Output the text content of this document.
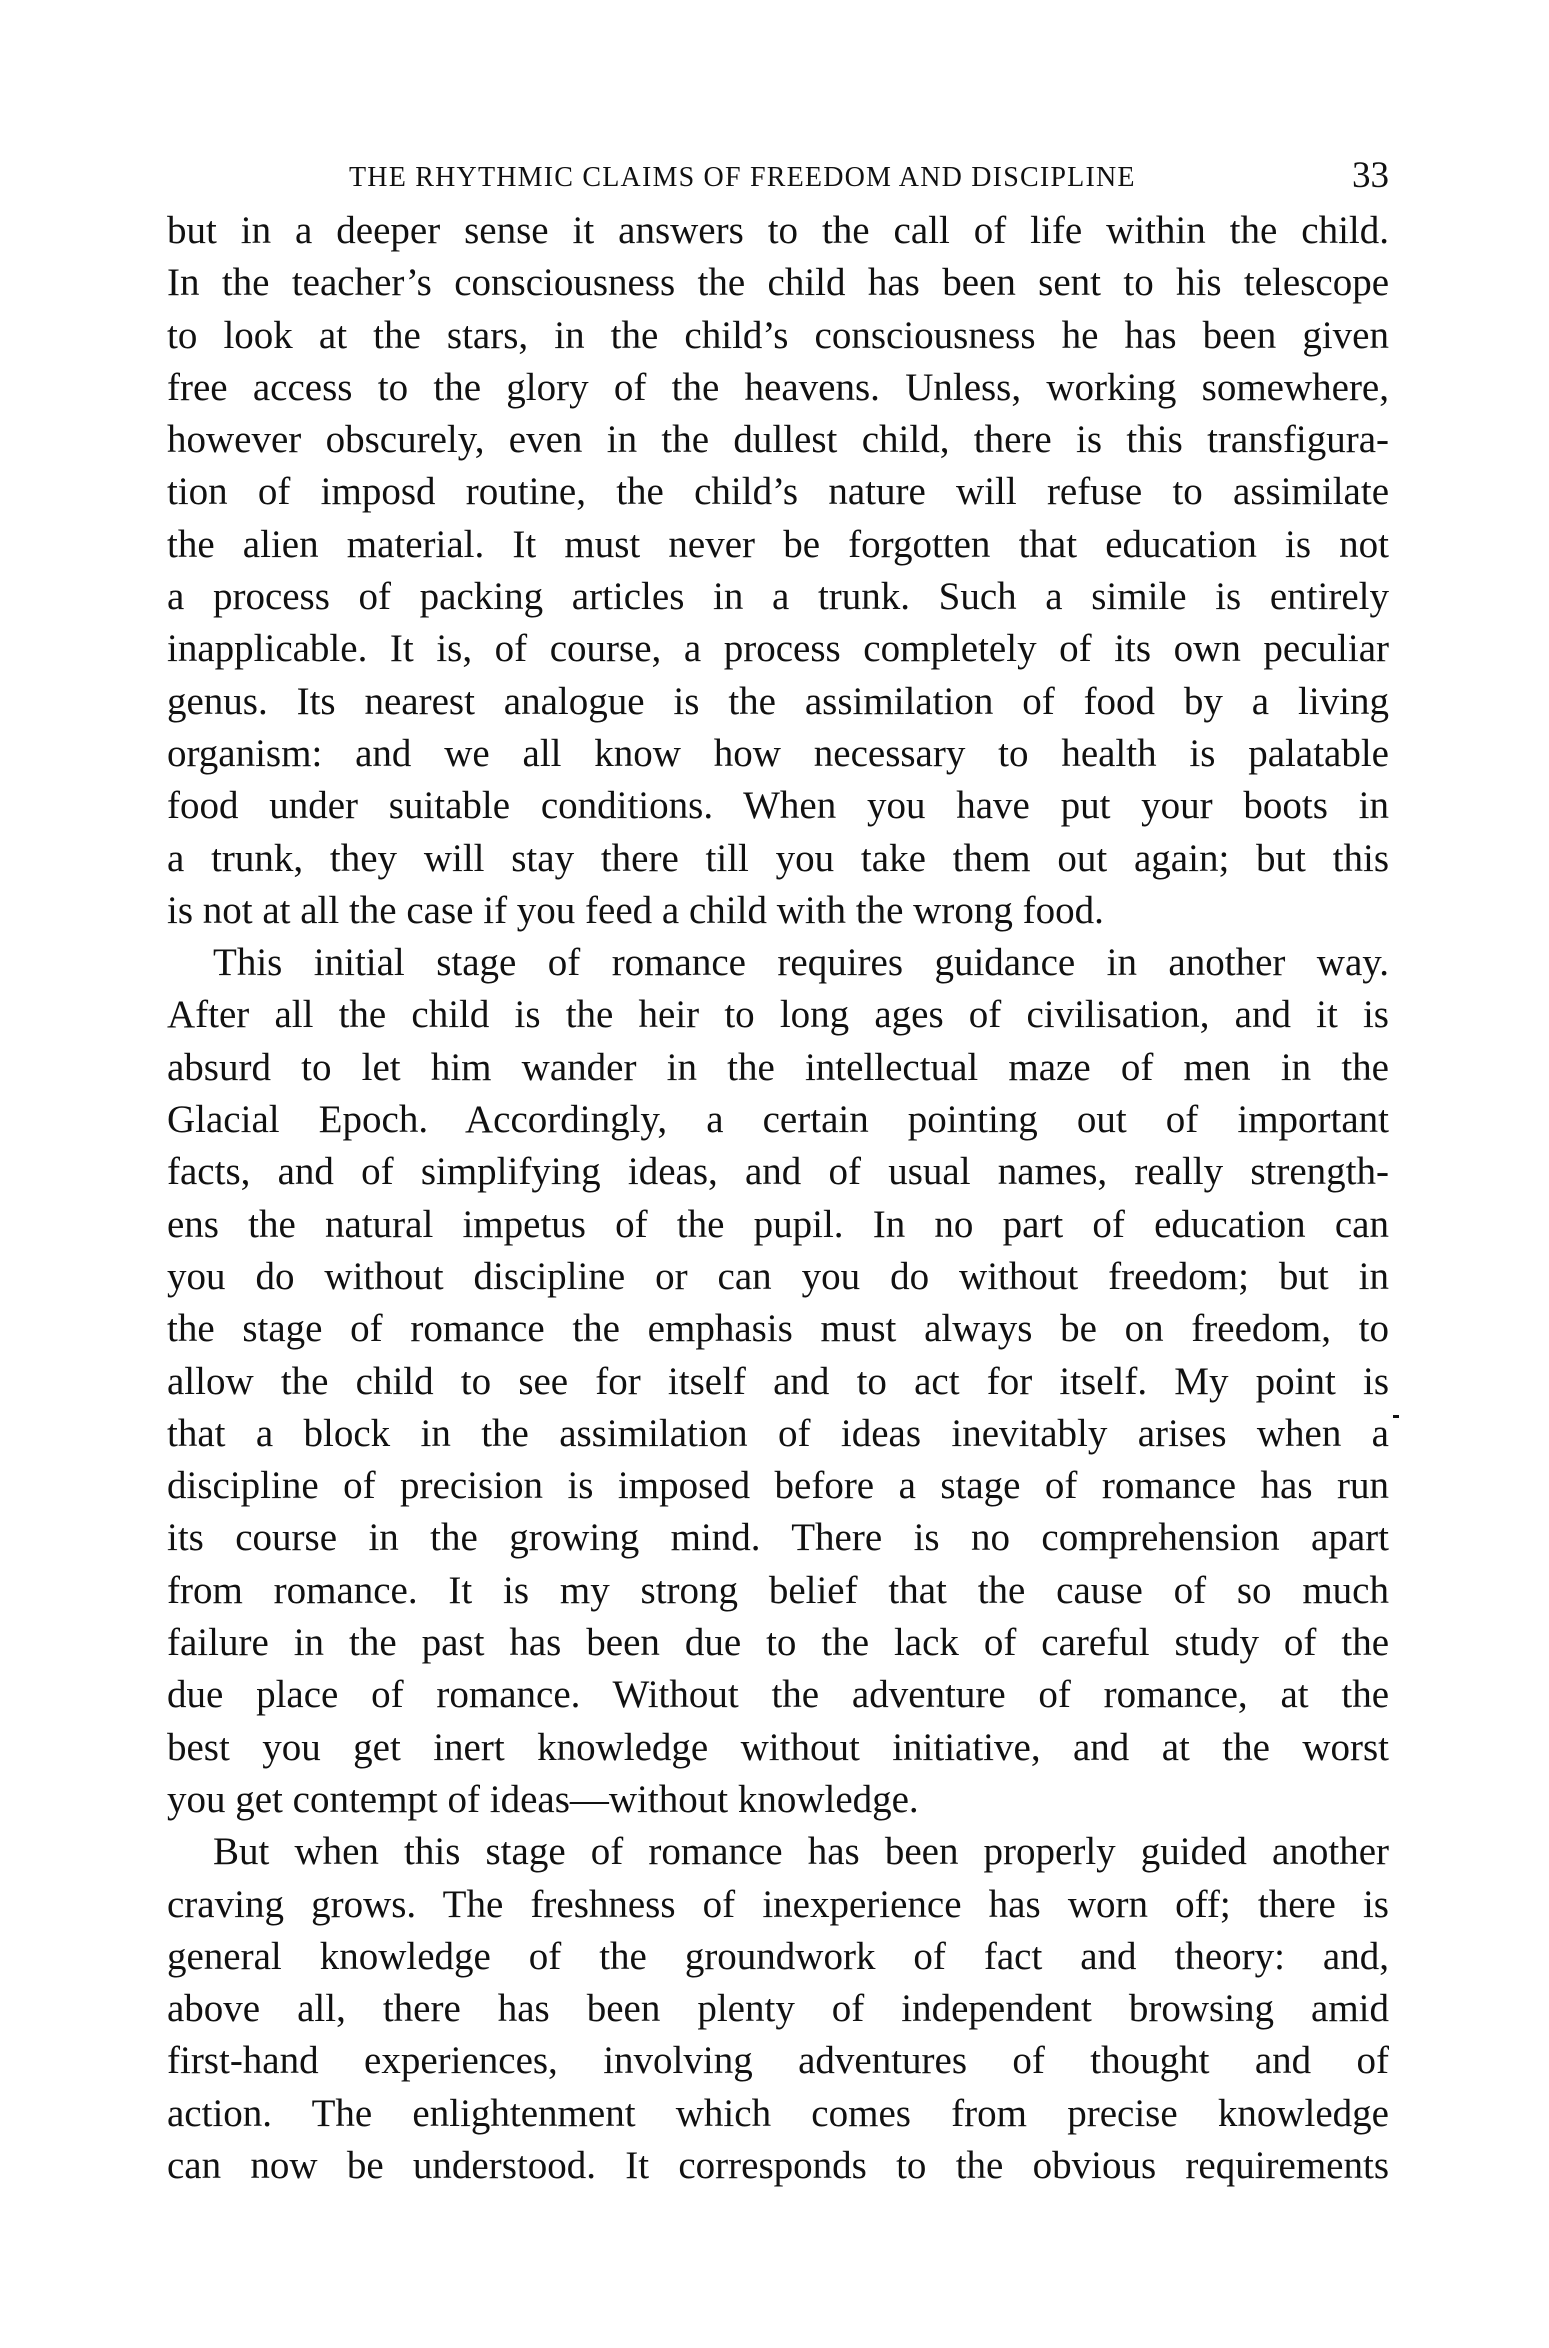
THE RHYTHMIC CLAIMS OF FREEDOM AND DISCIPLINE	33
but in a deeper sense it answers to the call of life within the child.
In the teacher’s consciousness the child has been sent to his telescope
to look at the stars, in the child’s consciousness he has been given
free access to the glory of the heavens. Unless, working somewhere,
however obscurely, even in the dullest child, there is this transfigura-
tion of imposd routine, the child’s nature will refuse to assimilate
the alien material. It must never be forgotten that education is not
a process of packing articles in a trunk. Such a simile is entirely
inapplicable. It is, of course, a process completely of its own peculiar
genus. Its nearest analogue is the assimilation of food by a living
organism: and we all know how necessary to health is palatable
food under suitable conditions. When you have put your boots in
a trunk, they will stay there till you take them out again; but this
is not at all the case if you feed a child with the wrong food.
This initial stage of romance requires guidance in another way.
After all the child is the heir to long ages of civilisation, and it is
absurd to let him wander in the intellectual maze of men in the
Glacial Epoch. Accordingly, a certain pointing out of important
facts, and of simplifying ideas, and of usual names, really strength-
ens the natural impetus of the pupil. In no part of education can
you do without discipline or can you do without freedom; but in
the stage of romance the emphasis must always be on freedom, to
allow the child to see for itself and to act for itself. My point is
that a block in the assimilation of ideas inevitably arises when a
discipline of precision is imposed before a stage of romance has run
its course in the growing mind. There is no comprehension apart
from romance. It is my strong belief that the cause of so much
failure in the past has been due to the lack of careful study of the
due place of romance. Without the adventure of romance, at the
best you get inert knowledge without initiative, and at the worst
you get contempt of ideas—without knowledge.
But when this stage of romance has been properly guided another
craving grows. The freshness of inexperience has worn off; there is
general knowledge of the groundwork of fact and theory: and,
above all, there has been plenty of independent browsing amid
first-hand experiences, involving adventures of thought and of
action. The enlightenment which comes from precise knowledge
can now be understood. It corresponds to the obvious requirements
